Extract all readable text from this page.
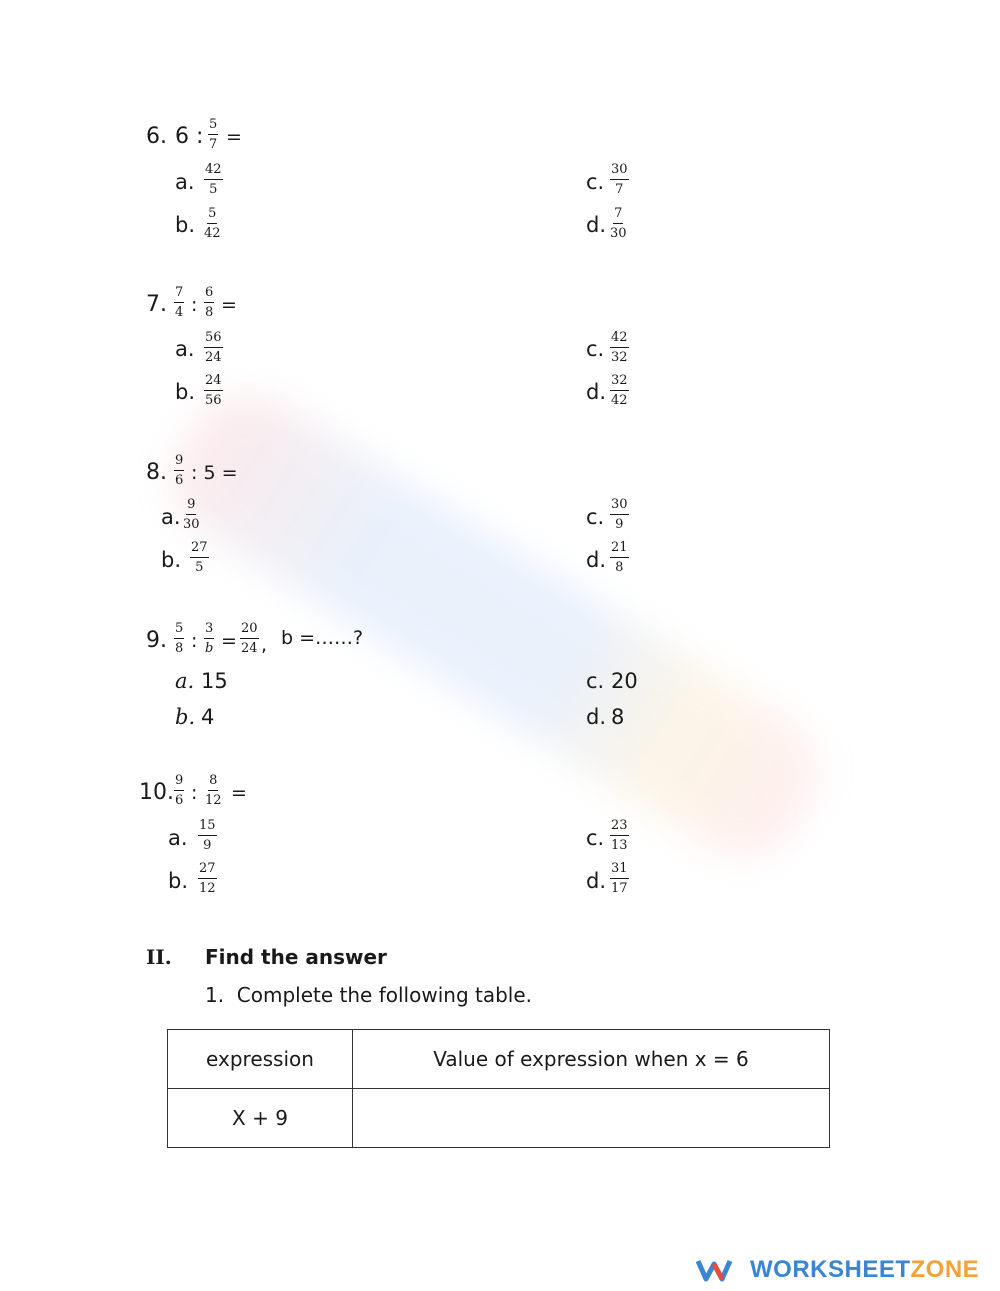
6. 6 : $\frac{5}{7}$ =
a. $\frac{42}{5}$
b. $\frac{5}{42}$
c. $\frac{30}{7}$
d. $\frac{7}{30}$
7. $\frac{7}{4}$ : $\frac{6}{8}$ =
a. $\frac{56}{24}$
b. $\frac{24}{56}$
c. $\frac{42}{32}$
d. $\frac{32}{42}$
8. $\frac{9}{6}$ : 5 =
a. $\frac{9}{30}$
b. $\frac{27}{5}$
c. $\frac{30}{9}$
d. $\frac{21}{8}$
9. $\frac{5}{8}$ : $\frac{3}{b} = \frac{20}{24}$ , b =……?
a. 15
b. 4
c. 20
d. 8
10. $\frac{9}{6}$ : $\frac{8}{12}$ =
a. $\frac{15}{9}$
b. $\frac{27}{12}$
c. $\frac{23}{13}$
d. $\frac{31}{17}$
II. Find the answer
1.  Complete the following table.
expression	Value of expression when x = 6
X + 9	
WORKSHEETZONE
